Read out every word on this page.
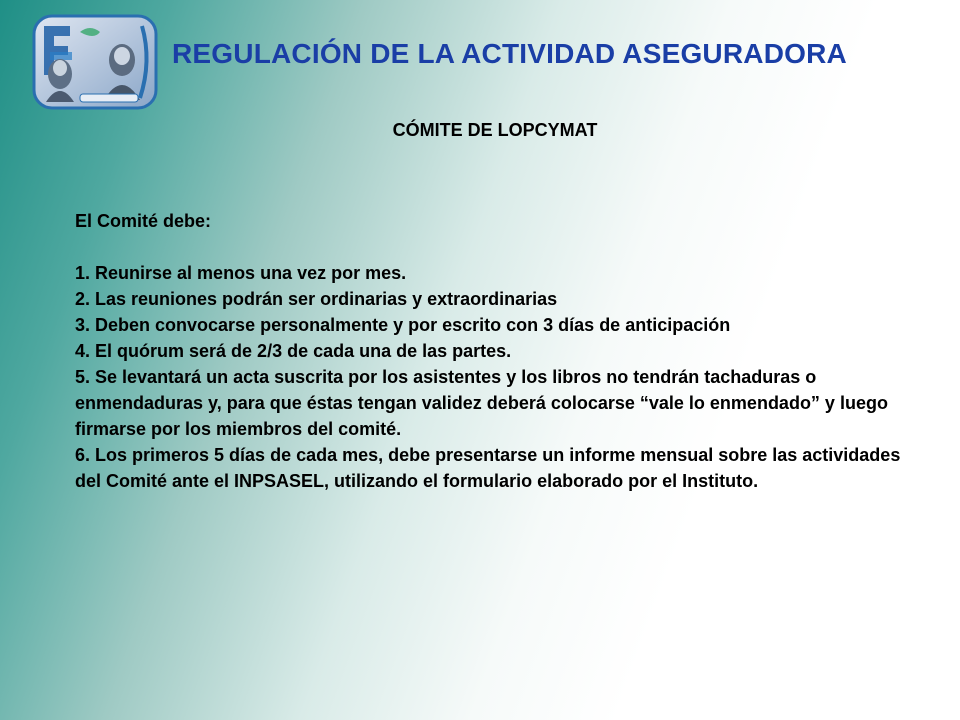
REGULACIÓN DE LA ACTIVIDAD ASEGURADORA
CÓMITE DE LOPCYMAT

El Comité debe:

1. Reunirse al menos una vez por mes.

2. Las reuniones podrán ser ordinarias y extraordinarias

3. Deben convocarse personalmente y por escrito con 3 días de anticipación

4. El quórum será de 2/3 de cada una de las partes.

5. Se levantará un acta suscrita por los asistentes y los libros no tendrán tachaduras o enmendaduras y, para que éstas tengan validez deberá colocarse “vale lo enmendado” y luego firmarse por los miembros del comité.

6. Los primeros 5 días de cada mes, debe presentarse un informe mensual sobre las actividades del Comité ante el INPSASEL, utilizando el formulario elaborado por el Instituto.
